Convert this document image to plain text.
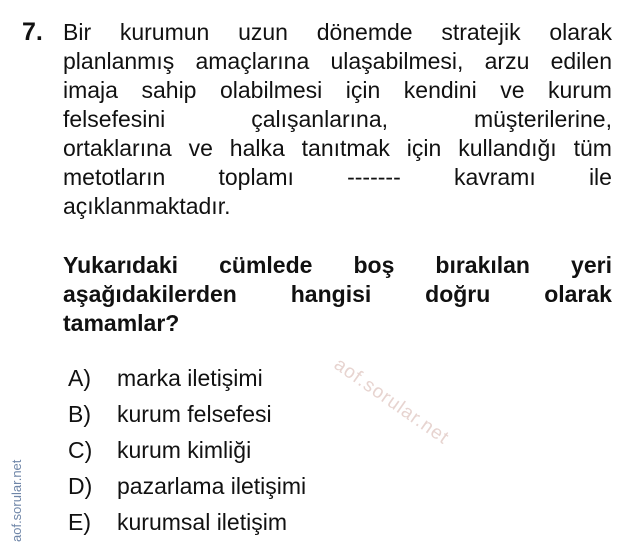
7. Bir kurumun uzun dönemde stratejik olarak
planlanmış amaçlarına ulaşabilmesi, arzu edilen
imaja sahip olabilmesi için kendini ve kurum
felsefesini	çalışanlarına,	müşterilerine,
ortaklarına ve halka tanıtmak için kullandığı tüm
metotların toplamı ------- kavramı ile
açıklanmaktadır.
Yukarıdaki cümlede boş bırakılan yeri
aşağıdakilerden hangisi doğru olarak
tamamlar?
A)	marka iletişimi
B)	kurum felsefesi
C)	kurum kimliği
D)	pazarlama iletişimi
E)	kurumsal iletişim
aof.sorular.net
aof.sorular.net
